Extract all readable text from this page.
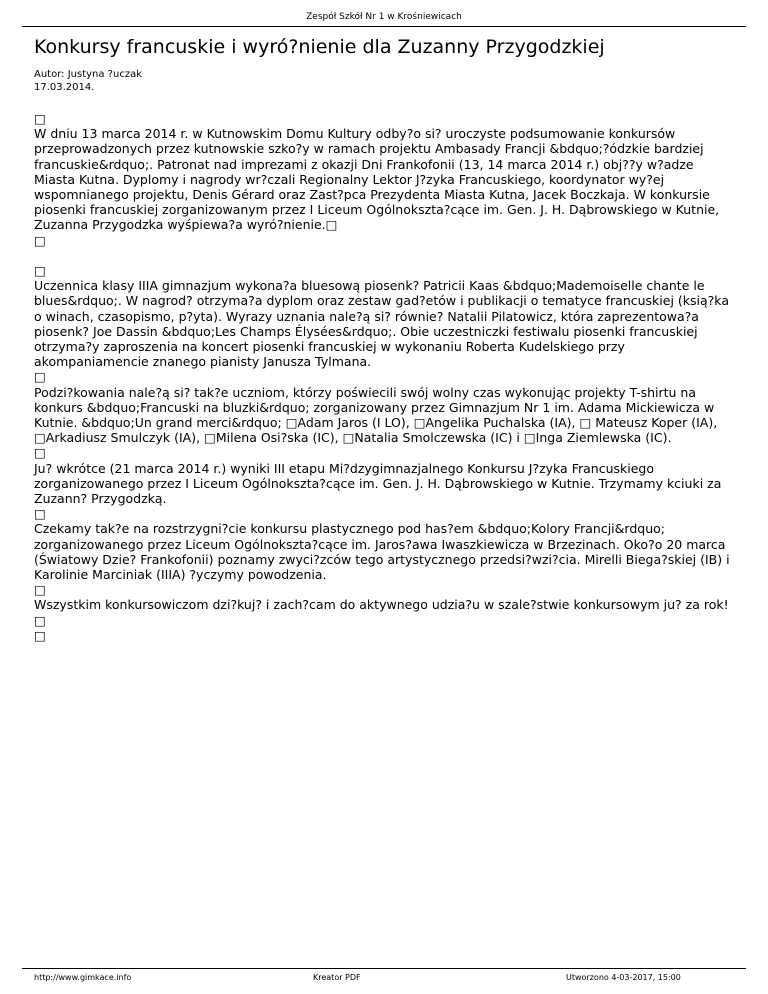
Zespół Szkół Nr 1 w Krośniewicach
Konkursy francuskie i wyró?nienie dla Zuzanny Przygodzkiej
Autor: Justyna ?uczak
17.03.2014.

□

W dniu 13 marca 2014 r. w Kutnowskim Domu Kultury odby?o si? uroczyste podsumowanie konkursów przeprowadzonych przez kutnowskie szko?y w ramach projektu Ambasady Francji &bdquo;?ódzkie bardziej francuskie&rdquo;. Patronat nad imprezami z okazji Dni Frankofonii (13, 14 marca 2014 r.) obj??y w?adze Miasta Kutna. Dyplomy i nagrody wr?czali Regionalny Lektor J?zyka Francuskiego, koordynator wy?ej wspomnianego projektu, Denis Gérard oraz Zast?pca Prezydenta Miasta Kutna, Jacek Boczkaja. W konkursie piosenki francuskiej zorganizowanym przez I Liceum Ogólnokszta?cące im. Gen. J. H. Dąbrowskiego w Kutnie, Zuzanna Przygodzka wyśpiewa?a wyró?nienie.□

□

□

Uczennica klasy IIIA gimnazjum wykona?a bluesową piosenk? Patricii Kaas &bdquo;Mademoiselle chante le blues&rdquo;. W nagrod? otrzyma?a dyplom oraz zestaw gad?etów i publikacji o tematyce francuskiej (ksią?ka o winach, czasopismo, p?yta). Wyrazy uznania nale?ą si? równie? Natalii Pilatowicz, która zaprezentowa?a piosenk? Joe Dassin &bdquo;Les Champs Élysées&rdquo;. Obie uczestniczki festiwalu piosenki francuskiej otrzyma?y zaproszenia na koncert piosenki francuskiej w wykonaniu Roberta Kudelskiego przy akompaniamencie znanego pianisty Janusza Tylmana.

□

Podzi?kowania nale?ą si? tak?e uczniom, którzy poświecili swój wolny czas wykonując projekty T-shirtu na konkurs &bdquo;Francuski na bluzki&rdquo; zorganizowany przez Gimnazjum Nr 1 im. Adama Mickiewicza w Kutnie. &bdquo;Un grand merci&rdquo; □Adam Jaros (I LO), □Angelika Puchalska (IA), □ Mateusz Koper (IA), □Arkadiusz Smulczyk (IA), □Milena Osi?ska (IC), □Natalia Smolczewska (IC) i □Inga Ziemlewska (IC).

□

Ju? wkrótce (21 marca 2014 r.) wyniki III etapu Mi?dzygimnazjalnego Konkursu J?zyka Francuskiego zorganizowanego przez I Liceum Ogólnokszta?cące im. Gen. J. H. Dąbrowskiego w Kutnie. Trzymamy kciuki za Zuzann? Przygodzką.

□

Czekamy tak?e na rozstrzygni?cie konkursu plastycznego pod has?em &bdquo;Kolory Francji&rdquo; zorganizowanego przez Liceum Ogólnokszta?cące im. Jaros?awa Iwaszkiewicza w Brzezinach. Oko?o 20 marca (Światowy Dzie? Frankofonii) poznamy zwyci?zców tego artystycznego przedsi?wzi?cia. Mirelli Biega?skiej (IB) i Karolinie Marciniak (IIIA) ?yczymy powodzenia.

□

Wszystkim konkursowiczom dzi?kuj? i zach?cam do aktywnego udzia?u w szale?stwie konkursowym ju? za rok!□

□

http://www.gimkace.info	Kreator PDF	Utworzono 4-03-2017, 15:00
